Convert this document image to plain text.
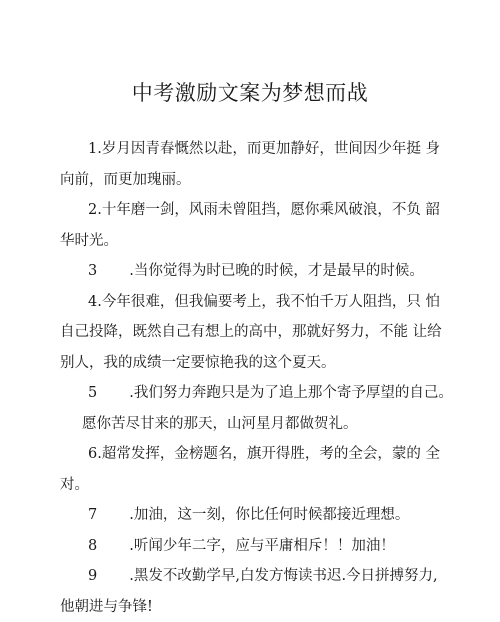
中考激励文案为梦想而战

1.岁月因青春慨然以赴，而更加静好，世间因少年挺 身
向前，而更加瑰丽。

2.十年磨一剑，风雨未曾阻挡，愿你乘风破浪，不负 韶
华时光。

3 .当你觉得为时已晚的时候，才是最早的时候。

4.今年很难，但我偏要考上，我不怕千万人阻挡，只 怕
自己投降，既然自己有想上的高中，那就好努力，不能 让给
别人，我的成绩一定要惊艳我的这个夏天。

5 .我们努力奔跑只是为了追上那个寄予厚望的自己。
愿你苦尽甘来的那天，山河星月都做贺礼。

6.超常发挥，金榜题名，旗开得胜，考的全会，蒙的 全
对。

7 .加油，这一刻，你比任何时候都接近理想。

8 .听闻少年二字，应与平庸相斥！！加油！

9 .黑发不改勤学早,白发方悔读书迟.今日拼搏努力,
他朝进与争锋!
